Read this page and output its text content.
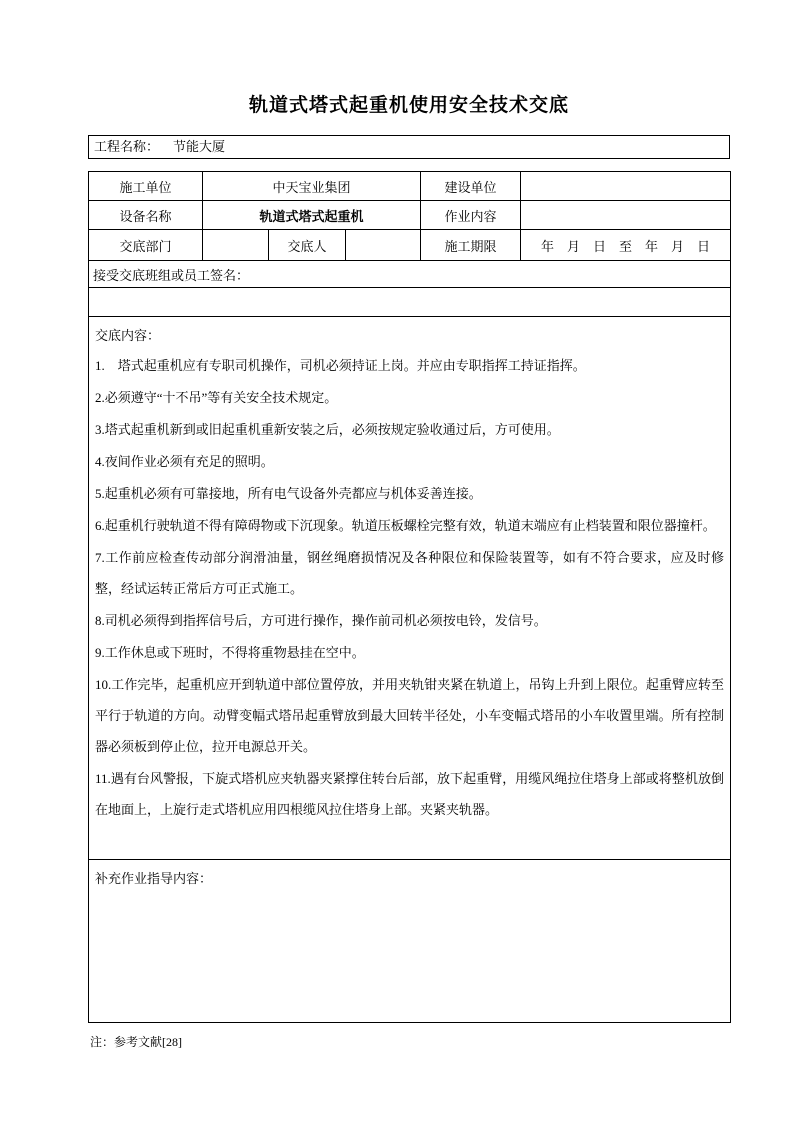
轨道式塔式起重机使用安全技术交底
工程名称： 节能大厦
施工单位	中天宝业集团			建设单位	
设备名称	轨道式塔式起重机			作业内容	
交底部门		交底人		施工期限	年　月　日　至　年　月　日
接受交底班组或员工签名：					

交底内容：

1.　塔式起重机应有专职司机操作，司机必须持证上岗。并应由专职指挥工持证指挥。

2.必须遵守“十不吊”等有关安全技术规定。

3.塔式起重机新到或旧起重机重新安装之后，必须按规定验收通过后，方可使用。

4.夜间作业必须有充足的照明。

5.起重机必须有可靠接地，所有电气设备外壳都应与机体妥善连接。

6.起重机行驶轨道不得有障碍物或下沉现象。轨道压板螺栓完整有效，轨道末端应有止档装置和限位器撞杆。

7.工作前应检查传动部分润滑油量，钢丝绳磨损情况及各种限位和保险装置等，如有不符合要求，应及时修整，经试运转正常后方可正式施工。

8.司机必须得到指挥信号后，方可进行操作，操作前司机必须按电铃，发信号。

9.工作休息或下班时，不得将重物悬挂在空中。

10.工作完毕，起重机应开到轨道中部位置停放，并用夹轨钳夹紧在轨道上，吊钩上升到上限位。起重臂应转至平行于轨道的方向。动臂变幅式塔吊起重臂放到最大回转半径处，小车变幅式塔吊的小车收置里端。所有控制器必须板到停止位，拉开电源总开关。

11.遇有台风警报，下旋式塔机应夹轨器夹紧撑住转台后部，放下起重臂，用缆风绳拉住塔身上部或将整机放倒在地面上，上旋行走式塔机应用四根缆风拉住塔身上部。夹紧夹轨器。

补充作业指导内容：					
注：参考文献[28]
